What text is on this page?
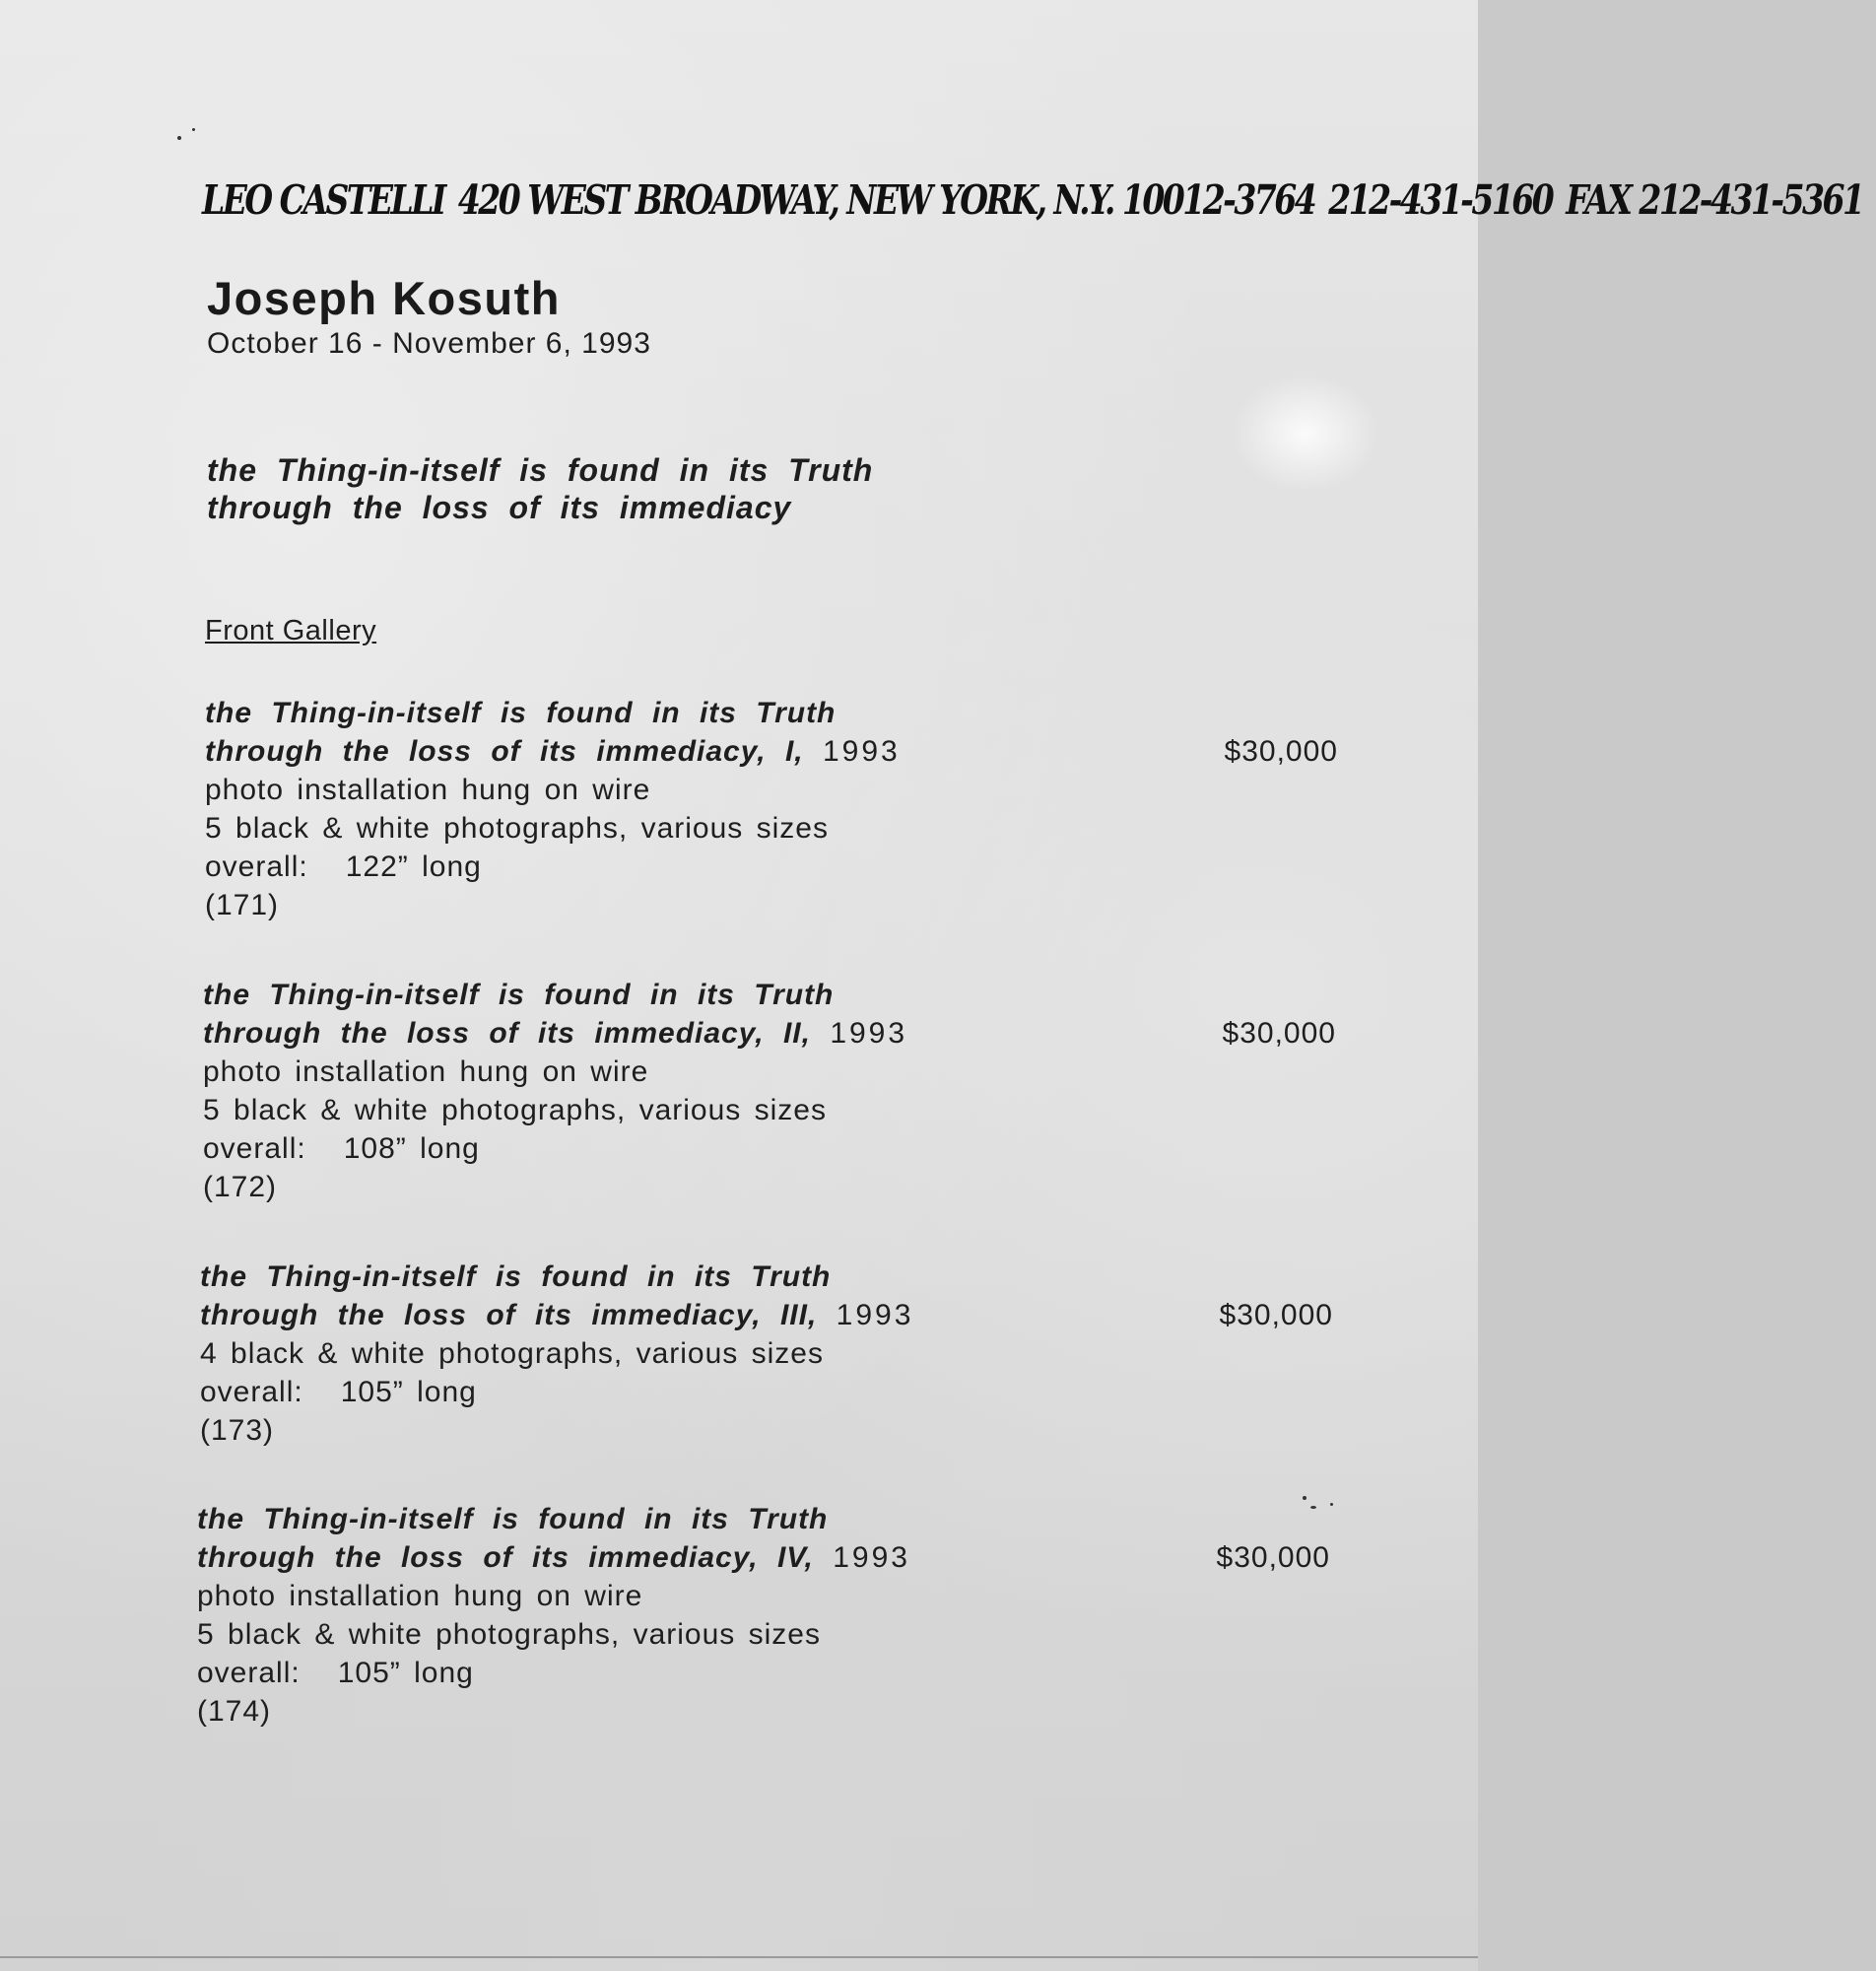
LEO CASTELLI 420 WEST BROADWAY, NEW YORK, N.Y. 10012-3764 212-431-5160 FAX 212-431-5361
Joseph Kosuth
October 16 - November 6, 1993
the Thing-in-itself is found in its Truth
through the loss of its immediacy
Front Gallery
the Thing-in-itself is found in its Truth
through the loss of its immediacy, I, 1993
photo installation hung on wire
5 black & white photographs, various sizes
overall: 122” long
(171)
$30,000
the Thing-in-itself is found in its Truth
through the loss of its immediacy, II, 1993
photo installation hung on wire
5 black & white photographs, various sizes
overall: 108” long
(172)
$30,000
the Thing-in-itself is found in its Truth
through the loss of its immediacy, III, 1993
4 black & white photographs, various sizes
overall: 105” long
(173)
$30,000
the Thing-in-itself is found in its Truth
through the loss of its immediacy, IV, 1993
photo installation hung on wire
5 black & white photographs, various sizes
overall: 105” long
(174)
$30,000
